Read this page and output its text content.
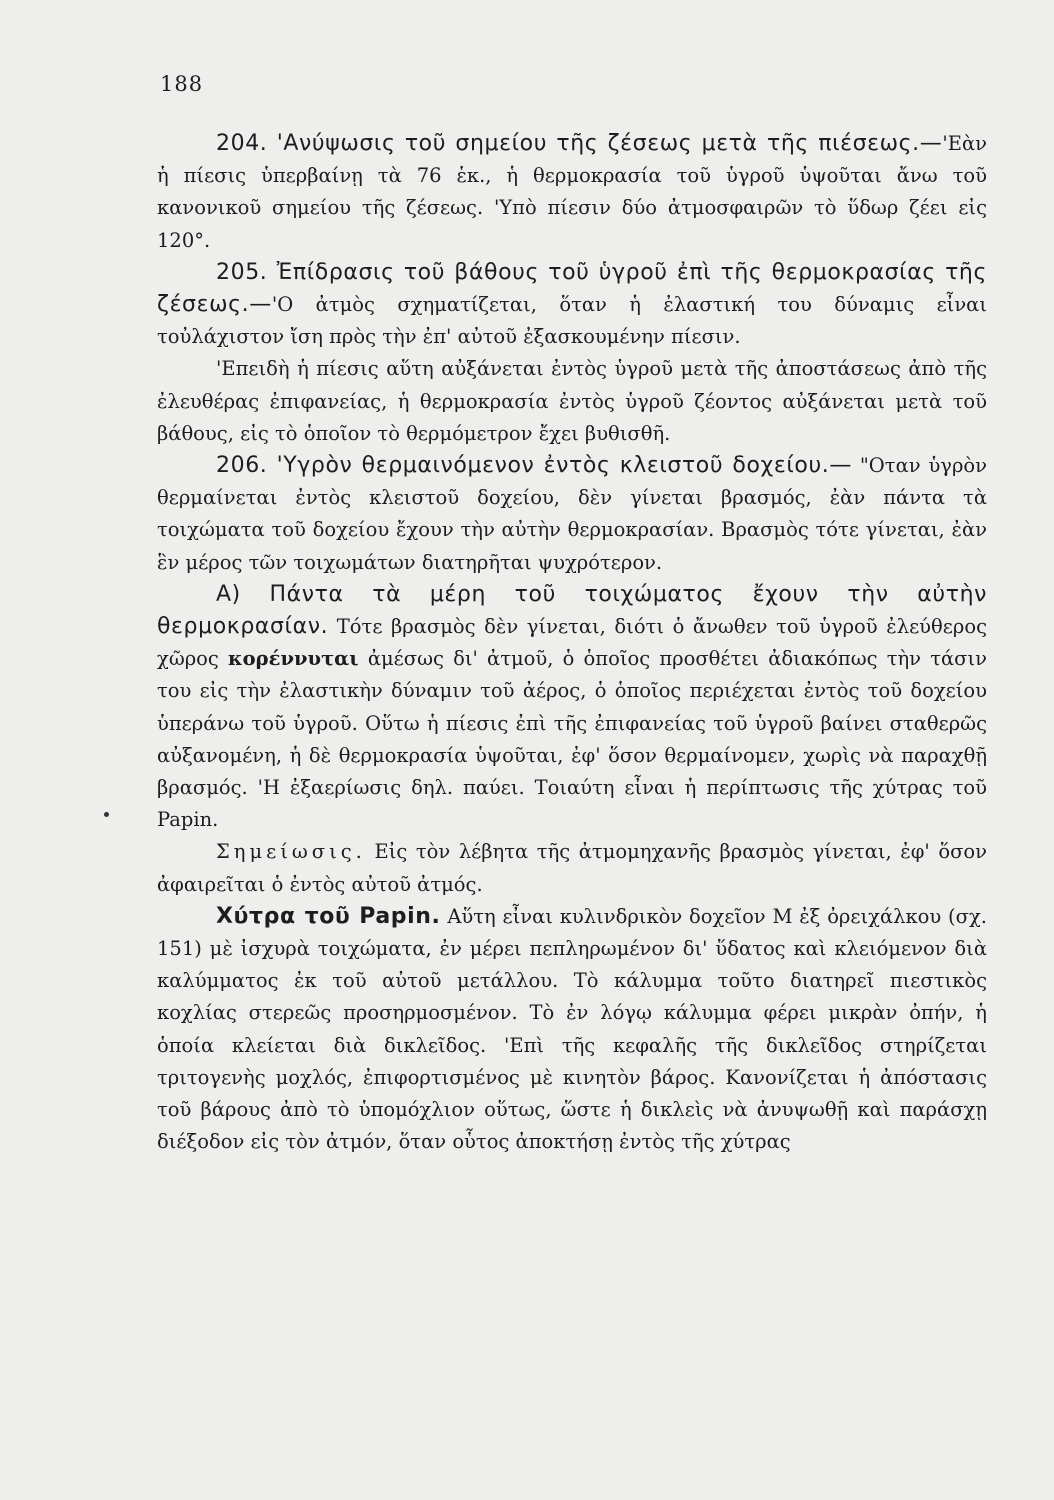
188

204. 'Ανύψωσις τοῦ σημείου τῆς ζέσεως μετὰ τῆς πιέσεως.—'Εὰν ἡ πίεσις ὑπερβαίνῃ τὰ 76 ἑκ., ἡ θερμοκρασία τοῦ ὑγροῦ ὑψοῦται ἄνω τοῦ κανονικοῦ σημείου τῆς ζέσεως. 'Υπὸ πίεσιν δύο ἀτμοσφαιρῶν τὸ ὕδωρ ζέει εἰς 120°.

205. Ἐπίδρασις τοῦ βάθους τοῦ ὑγροῦ ἐπὶ τῆς θερμοκρασίας τῆς ζέσεως.—'Ο ἀτμὸς σχηματίζεται, ὅταν ἡ ἐλαστική του δύναμις εἶναι τοὐλάχιστον ἴση πρὸς τὴν ἐπ' αὐτοῦ ἐξασκουμένην πίεσιν.

'Επειδὴ ἡ πίεσις αὕτη αὐξάνεται ἐντὸς ὑγροῦ μετὰ τῆς ἀποστάσεως ἀπὸ τῆς ἐλευθέρας ἐπιφανείας, ἡ θερμοκρασία ἐντὸς ὑγροῦ ζέοντος αὐξάνεται μετὰ τοῦ βάθους, εἰς τὸ ὁποῖον τὸ θερμόμετρον ἔχει βυθισθῆ.

206. 'Υγρὸν θερμαινόμενον ἐντὸς κλειστοῦ δοχείου.— "Οταν ὑγρὸν θερμαίνεται ἐντὸς κλειστοῦ δοχείου, δὲν γίνεται βρασμός, ἐὰν πάντα τὰ τοιχώματα τοῦ δοχείου ἔχουν τὴν αὐτὴν θερμοκρασίαν. Βρασμὸς τότε γίνεται, ἐὰν ἓν μέρος τῶν τοιχωμάτων διατηρῆται ψυχρότερον.

Α) Πάντα τὰ μέρη τοῦ τοιχώματος ἔχουν τὴν αὐτὴν θερμοκρασίαν. Τότε βρασμὸς δὲν γίνεται, διότι ὁ ἄνωθεν τοῦ ὑγροῦ ἐλεύθερος χῶρος κορέννυται ἀμέσως δι' ἀτμοῦ, ὁ ὁποῖος προσθέτει ἀδιακόπως τὴν τάσιν του εἰς τὴν ἐλαστικὴν δύναμιν τοῦ ἀέρος, ὁ ὁποῖος περιέχεται ἐντὸς τοῦ δοχείου ὑπεράνω τοῦ ὑγροῦ. Οὕτω ἡ πίεσις ἐπὶ τῆς ἐπιφανείας τοῦ ὑγροῦ βαίνει σταθερῶς αὐξανομένη, ἡ δὲ θερμοκρασία ὑψοῦται, ἐφ' ὅσον θερμαίνομεν, χωρὶς νὰ παραχθῇ βρασμός. 'Η ἐξαερίωσις δηλ. παύει. Τοιαύτη εἶναι ἡ περίπτωσις τῆς χύτρας τοῦ Papin.

Σημείωσις. Εἰς τὸν λέβητα τῆς ἀτμομηχανῆς βρασμὸς γίνεται, ἐφ' ὅσον ἀφαιρεῖται ὁ ἐντὸς αὐτοῦ ἀτμός.

Χύτρα τοῦ Papin. Αὕτη εἶναι κυλινδρικὸν δοχεῖον Μ ἐξ ὀρειχάλκου (σχ. 151) μὲ ἰσχυρὰ τοιχώματα, ἐν μέρει πεπληρωμένον δι' ὕδατος καὶ κλειόμενον διὰ καλύμματος ἐκ τοῦ αὐτοῦ μετάλλου. Τὸ κάλυμμα τοῦτο διατηρεῖ πιεστικὸς κοχλίας στερεῶς προσηρμοσμένον. Τὸ ἐν λόγῳ κάλυμμα φέρει μικρὰν ὀπήν, ἡ ὁποία κλείεται διὰ δικλεῖδος. 'Επὶ τῆς κεφαλῆς τῆς δικλεῖδος στηρίζεται τριτογενὴς μοχλός, ἐπιφορτισμένος μὲ κινητὸν βάρος. Κανονίζεται ἡ ἀπόστασις τοῦ βάρους ἀπὸ τὸ ὑπομόχλιον οὕτως, ὥστε ἡ δικλεὶς νὰ ἀνυψωθῇ καὶ παράσχῃ διέξοδον εἰς τὸν ἀτμόν, ὅταν οὗτος ἀποκτήσῃ ἐντὸς τῆς χύτρας
